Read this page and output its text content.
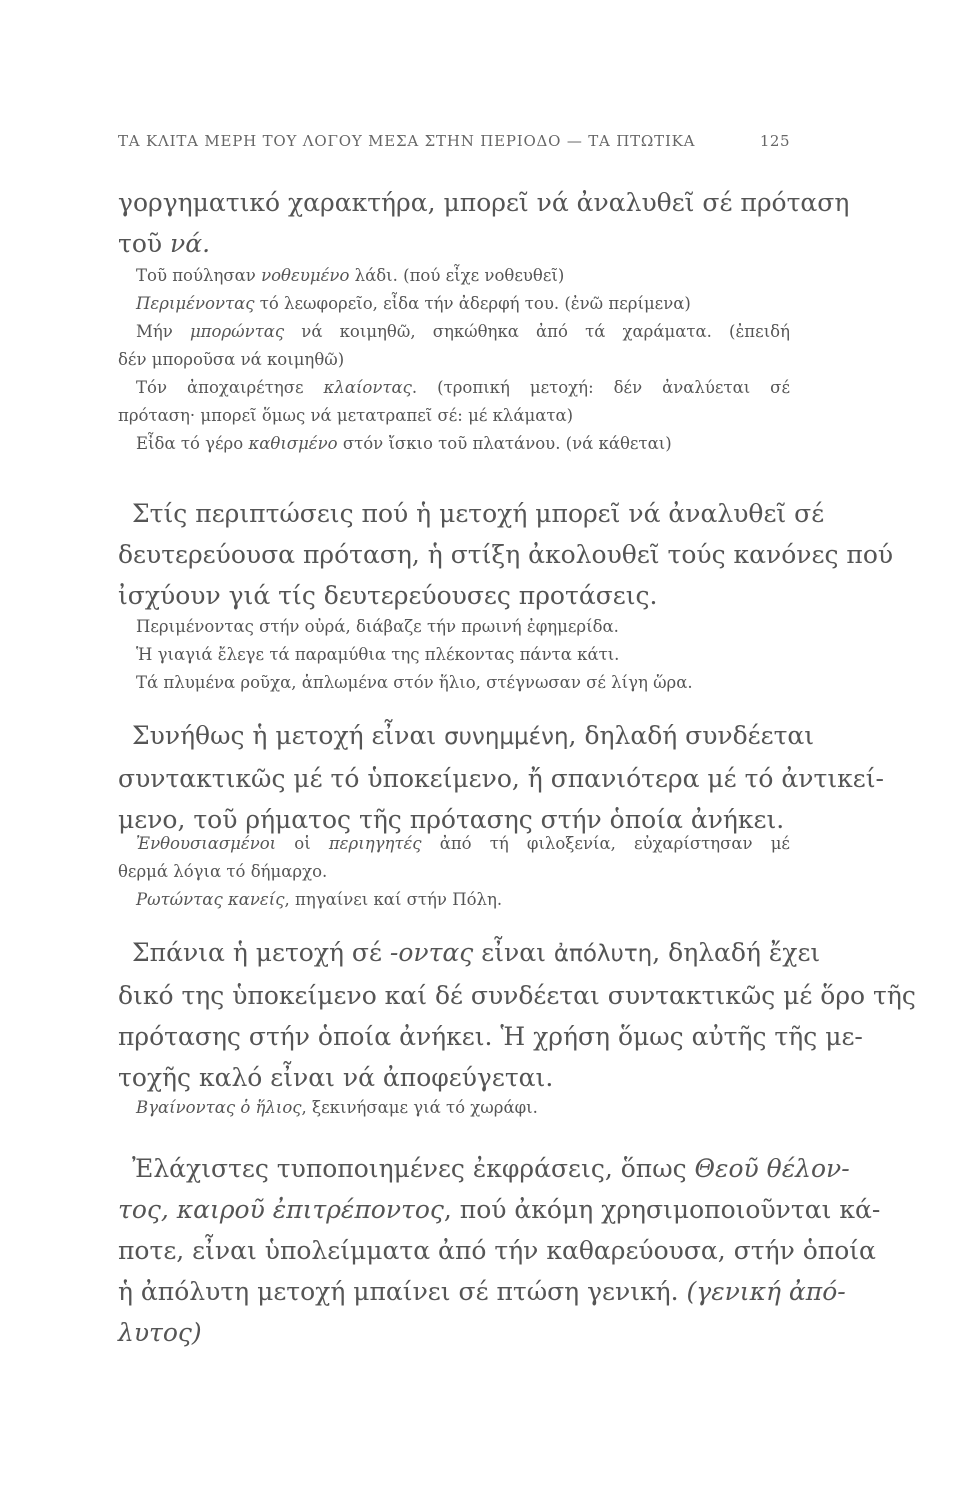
ΤΑ ΚΛΙΤΑ ΜΕΡΗ ΤΟΥ ΛΟΓΟΥ ΜΕΣΑ ΣΤΗΝ ΠΕΡΙΟΔΟ — ΤΑ ΠΤΩΤΙΚΑ	125
γοργηματικό χαρακτήρα, μπορεῖ νά ἀναλυθεῖ σέ πρόταση
τοῦ νά.
Τοῦ πούλησαν νοθευμένο λάδι. (πού εἶχε νοθευθεῖ)
Περιμένοντας τό λεωφορεῖο, εἶδα τήν ἀδερφή του. (ἐνῶ περίμενα)
Μήν μπορώντας νά κοιμηθῶ, σηκώθηκα ἀπό τά χαράματα. (ἐπειδή
δέν μποροῦσα νά κοιμηθῶ)
Τόν ἀποχαιρέτησε κλαίοντας. (τροπική μετοχή: δέν ἀναλύεται σέ
πρόταση· μπορεῖ ὅμως νά μετατραπεῖ σέ: μέ κλάματα)
Εἶδα τό γέρο καθισμένο στόν ἴσκιο τοῦ πλατάνου. (νά κάθεται)
Στίς περιπτώσεις πού ἡ μετοχή μπορεῖ νά ἀναλυθεῖ σέ
δευτερεύουσα πρόταση, ἡ στίξη ἀκολουθεῖ τούς κανόνες πού
ἰσχύουν γιά τίς δευτερεύουσες προτάσεις.
Περιμένοντας στήν οὐρά, διάβαζε τήν πρωινή ἐφημερίδα.
Ἡ γιαγιά ἔλεγε τά παραμύθια της πλέκοντας πάντα κάτι.
Τά πλυμένα ροῦχα, ἁπλωμένα στόν ἥλιο, στέγνωσαν σέ λίγη ὥρα.
Συνήθως ἡ μετοχή εἶναι συνημμένη, δηλαδή συνδέεται
συντακτικῶς μέ τό ὑποκείμενο, ἤ σπανιότερα μέ τό ἀντικεί-
μενο, τοῦ ρήματος τῆς πρότασης στήν ὁποία ἀνήκει.
Ἐνθουσιασμένοι οἱ περιηγητές ἀπό τή φιλοξενία, εὐχαρίστησαν μέ
θερμά λόγια τό δήμαρχο.
Ρωτώντας κανείς, πηγαίνει καί στήν Πόλη.
Σπάνια ἡ μετοχή σέ -οντας εἶναι ἀπόλυτη, δηλαδή ἔχει
δικό της ὑποκείμενο καί δέ συνδέεται συντακτικῶς μέ ὅρο τῆς
πρότασης στήν ὁποία ἀνήκει. Ἡ χρήση ὅμως αὐτῆς τῆς με-
τοχῆς καλό εἶναι νά ἀποφεύγεται.
Βγαίνοντας ὁ ἥλιος, ξεκινήσαμε γιά τό χωράφι.
Ἐλάχιστες τυποποιημένες ἐκφράσεις, ὅπως Θεοῦ θέλον-
τος, καιροῦ ἐπιτρέποντος, πού ἀκόμη χρησιμοποιοῦνται κά-
ποτε, εἶναι ὑπολείμματα ἀπό τήν καθαρεύουσα, στήν ὁποία
ἡ ἀπόλυτη μετοχή μπαίνει σέ πτώση γενική. (γενική ἀπό-
λυτος)
